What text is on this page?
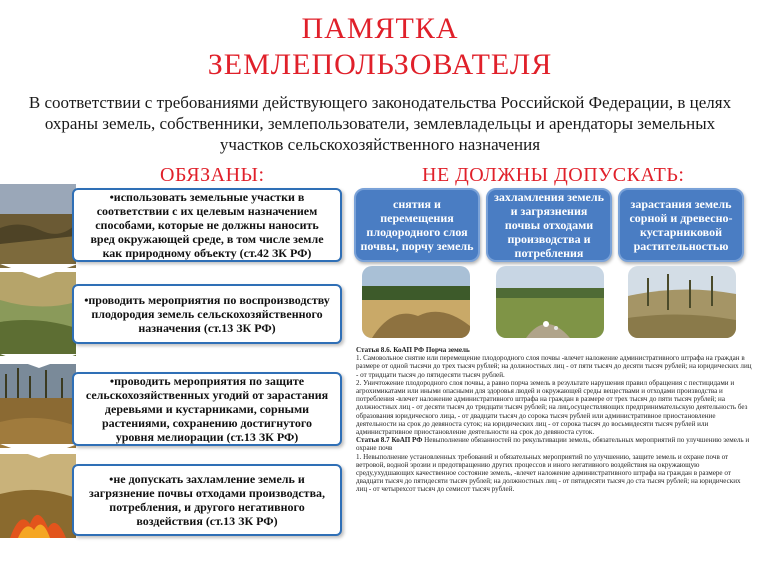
ПАМЯТКА
ЗЕМЛЕПОЛЬЗОВАТЕЛЯ
В соответствии с требованиями действующего законодательства Российской Федерации, в целях охраны земель, собственники, землепользователи, землевладельцы и арендаторы земельных участков сельскохозяйственного назначения
ОБЯЗАНЫ:	НЕ ДОЛЖНЫ ДОПУСКАТЬ:
•использовать земельные участки в соответствии с их целевым назначением способами, которые не должны наносить вред окружающей среде, в том числе земле как природному объекту (ст.42 ЗК РФ)
•проводить мероприятия по воспроизводству плодородия земель сельскохозяйственного назначения (ст.13 ЗК РФ)
•проводить мероприятия по защите сельскохозяйственных угодий от зарастания деревьями и кустарниками, сорными растениями, сохранению достигнутого уровня мелиорации (ст.13 ЗК РФ)
•не допускать захламление земель и загрязнение почвы отходами производства, потребления, и другого негативного воздействия (ст.13 ЗК РФ)
снятия и перемещения плодородного слоя почвы, порчу земель
захламления земель и загрязнения почвы отходами производства и потребления
зарастания земель сорной и древесно-кустарниковой растительностью

Статья 8.6. КоАП РФ Порча земель

1. Самовольное снятие или перемещение плодородного слоя почвы -влечет наложение административного штрафа на граждан в размере от одной тысячи до трех тысяч рублей; на должностных лиц - от пяти тысяч до десяти тысяч рублей; на юридических лиц - от тридцати тысяч до пятидесяти тысяч рублей.

2. Уничтожение плодородного слоя почвы, а равно порча земель в результате нарушения правил обращения с пестицидами и агрохимикатами или иными опасными для здоровья людей и окружающей среды веществами и отходами производства и потребления -влечет наложение административного штрафа на граждан в размере от трех тысяч до пяти тысяч рублей; на должностных лиц - от десяти тысяч до тридцати тысяч рублей; на лиц,осуществляющих предпринимательскую деятельность без образования юридического лица, - от двадцати тысяч до сорока тысяч рублей или административное приостановление деятельности на срок до девяноста суток; на юридических лиц - от сорока тысяч до восьмидесяти тысяч рублей или административное приостановление деятельности на срок до девяноста суток.

Статья 8.7 КоАП РФ Невыполнение обязанностей по рекультивации земель, обязательных мероприятий по улучшению земель и охране почв

1. Невыполнение установленных требований и обязательных мероприятий по улучшению, защите земель и охране почв от ветровой, водной эрозии и предотвращению других процессов и иного негативного воздействия на окружающую среду,ухудшающих качественное состояние земель, -влечет наложение административного штрафа на граждан в размере от двадцати тысяч до пятидесяти тысяч рублей; на должностных лиц - от пятидесяти тысяч до ста тысяч рублей; на юридических лиц - от четырехсот тысяч до семисот тысяч рублей.
